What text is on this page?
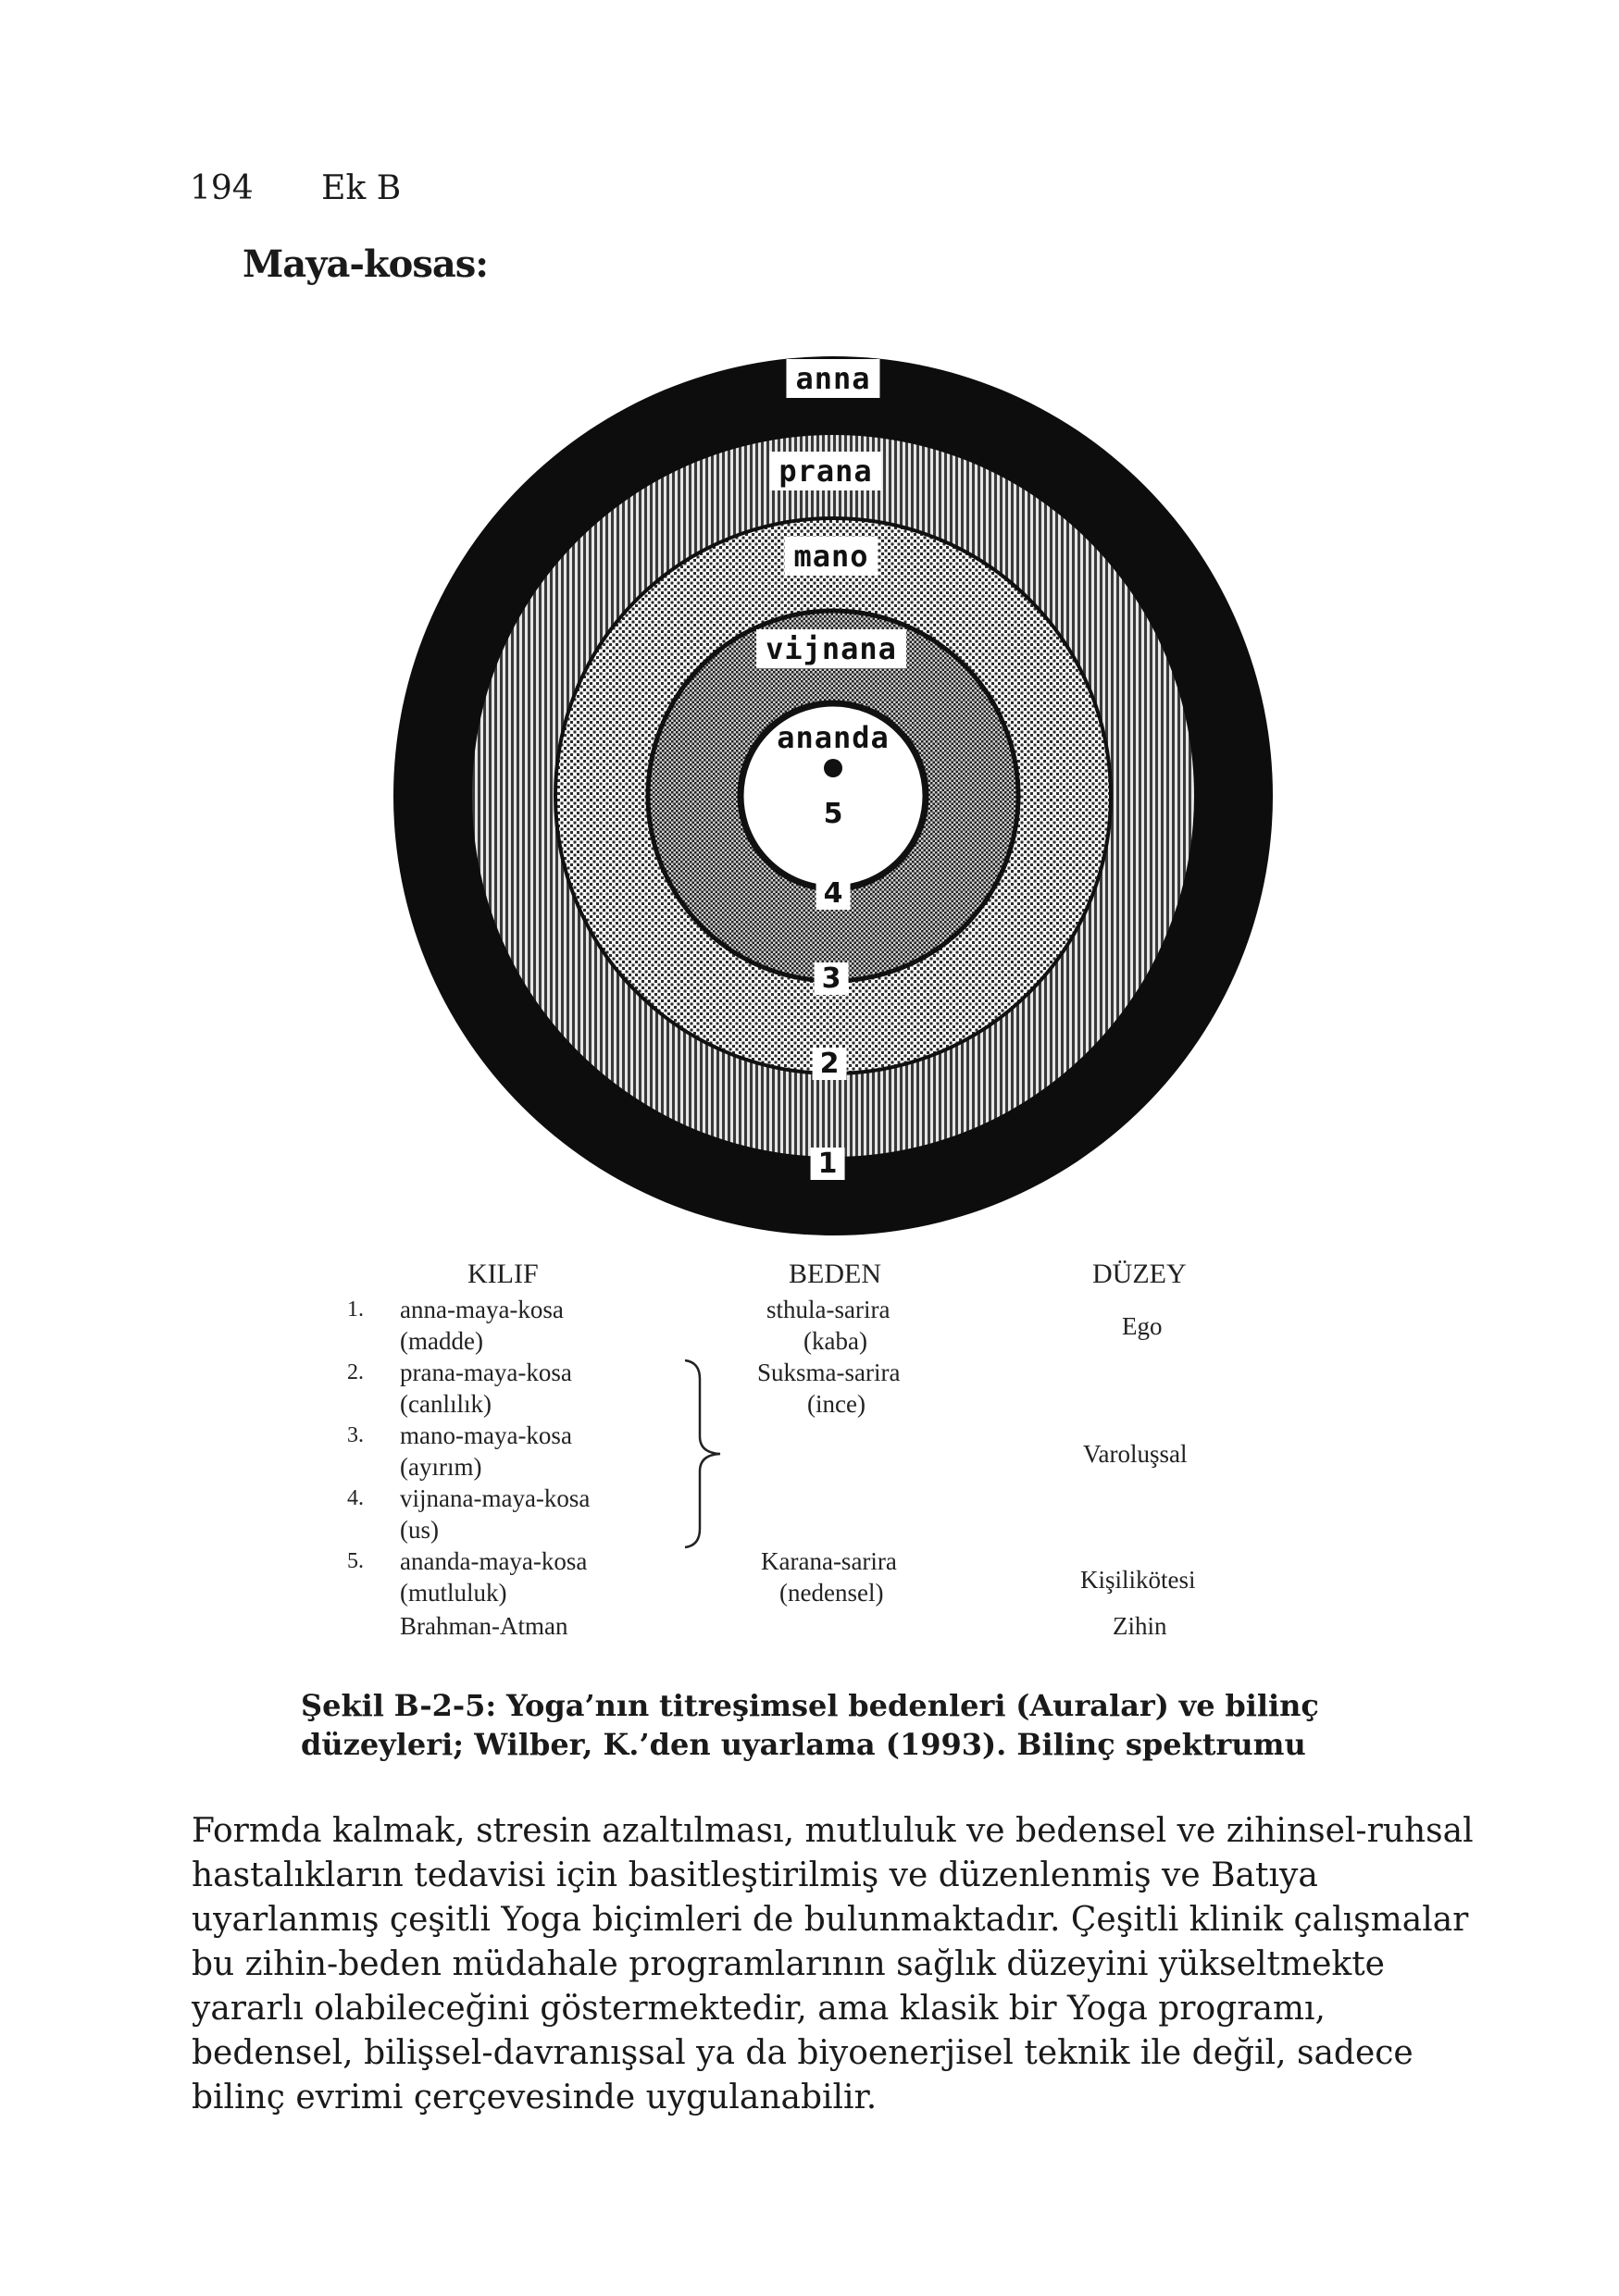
194 Ek B
Maya-kosas:
anna
prana
mano
vijnana
ananda
5
4
3
2
1
KILIF	BEDEN	DÜZEY
1. anna-maya-kosa
(madde)
2. prana-maya-kosa
(canlılık)
3. mano-maya-kosa
(ayırım)
4. vijnana-maya-kosa
(us)
5. ananda-maya-kosa
(mutluluk)
Brahman-Atman
sthula-sarira
(kaba)
Suksma-sarira
(ince)
Karana-sarira
(nedensel)
Ego
Varoluşsal
Kişilikötesi
Zihin
Şekil B-2-5: Yoga’nın titreşimsel bedenleri (Auralar) ve bilinç
düzeyleri; Wilber, K.’den uyarlama (1993). Bilinç spektrumu
Formda kalmak, stresin azaltılması, mutluluk ve bedensel ve zihinsel-ruhsal
hastalıkların tedavisi için basitleştirilmiş ve düzenlenmiş ve Batıya
uyarlanmış çeşitli Yoga biçimleri de bulunmaktadır. Çeşitli klinik çalışmalar
bu zihin-beden müdahale programlarının sağlık düzeyini yükseltmekte
yararlı olabileceğini göstermektedir, ama klasik bir Yoga programı,
bedensel, bilişsel-davranışsal ya da biyoenerjisel teknik ile değil, sadece
bilinç evrimi çerçevesinde uygulanabilir.
